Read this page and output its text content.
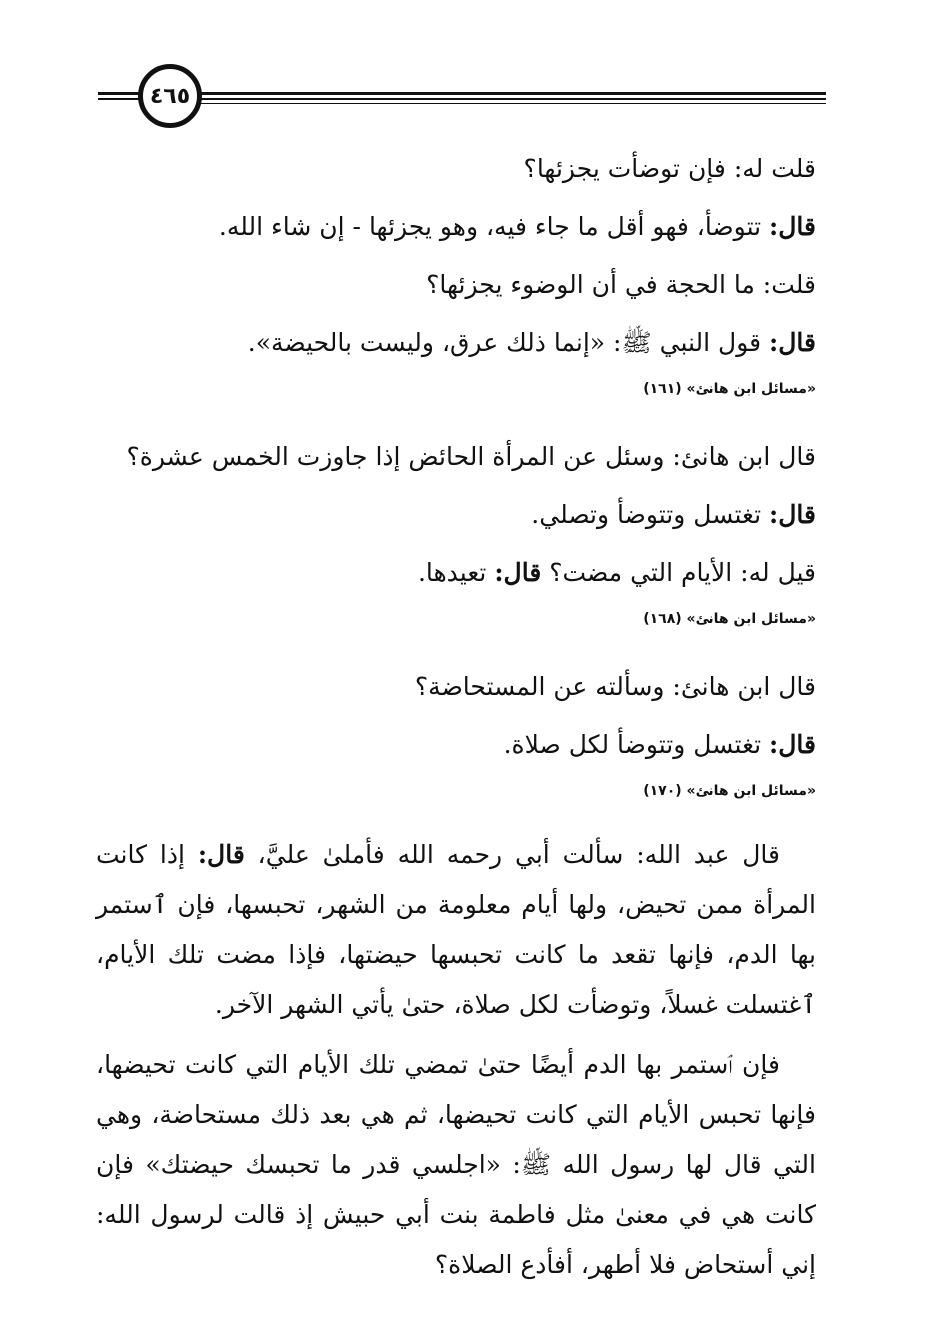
٤٦٥
قلت له: فإن توضأت يجزئها؟
قال: تتوضأ، فهو أقل ما جاء فيه، وهو يجزئها - إن شاء الله.
قلت: ما الحجة في أن الوضوء يجزئها؟
قال: قول النبي ﷺ: «إنما ذلك عرق، وليست بالحيضة».
«مسائل ابن هانئ» (١٦١)
قال ابن هانئ: وسئل عن المرأة الحائض إذا جاوزت الخمس عشرة؟
قال: تغتسل وتتوضأ وتصلي.
قيل له: الأيام التي مضت؟ قال: تعيدها.
«مسائل ابن هانئ» (١٦٨)
قال ابن هانئ: وسألته عن المستحاضة؟
قال: تغتسل وتتوضأ لكل صلاة.
«مسائل ابن هانئ» (١٧٠)
قال عبد الله: سألت أبي رحمه الله فأملىٰ عليَّ، قال: إذا كانت المرأة ممن تحيض، ولها أيام معلومة من الشهر، تحبسها، فإن ٱستمر بها الدم، فإنها تقعد ما كانت تحبسها حيضتها، فإذا مضت تلك الأيام، ٱغتسلت غسلاً، وتوضأت لكل صلاة، حتىٰ يأتي الشهر الآخر.
فإن ٱستمر بها الدم أيضًا حتىٰ تمضي تلك الأيام التي كانت تحيضها، فإنها تحبس الأيام التي كانت تحيضها، ثم هي بعد ذلك مستحاضة، وهي التي قال لها رسول الله ﷺ: «اجلسي قدر ما تحبسك حيضتك» فإن كانت هي في معنىٰ مثل فاطمة بنت أبي حبيش إذ قالت لرسول الله: إني أستحاض فلا أطهر، أفأدع الصلاة؟
